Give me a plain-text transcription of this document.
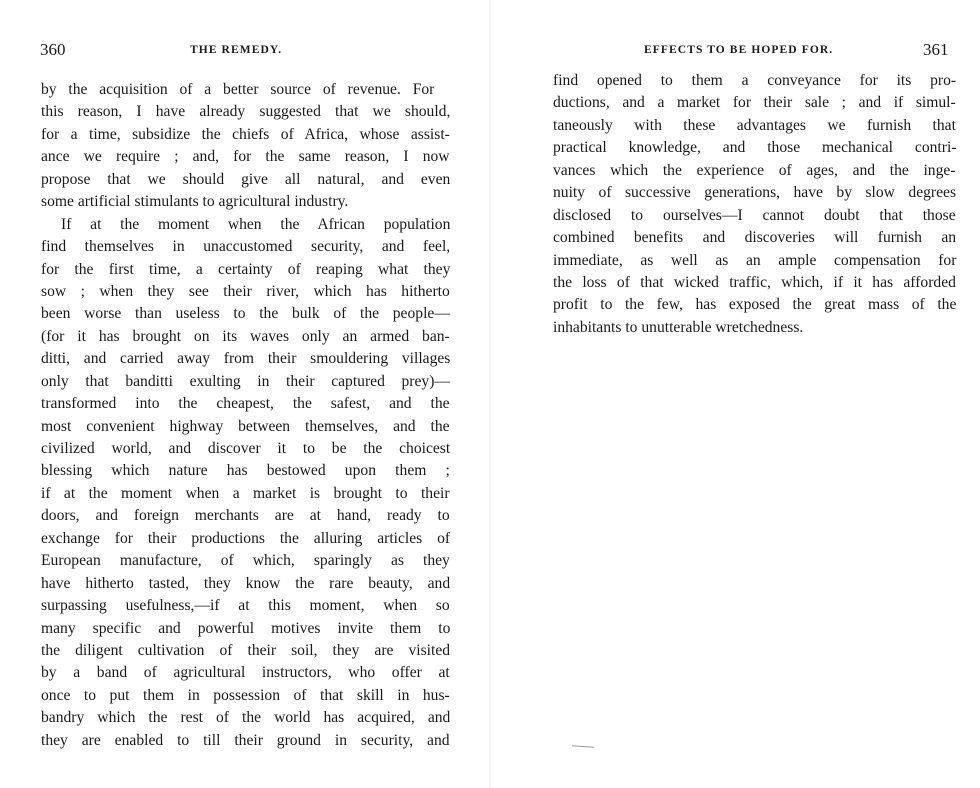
360	THE REMEDY.
by the acquisition of a better source of revenue. For
this reason, I have already suggested that we should,
for a time, subsidize the chiefs of Africa, whose assist-
ance we require ; and, for the same reason, I now
propose that we should give all natural, and even
some artificial stimulants to agricultural industry.
If at the moment when the African population
find themselves in unaccustomed security, and feel,
for the first time, a certainty of reaping what they
sow ; when they see their river, which has hitherto
been worse than useless to the bulk of the people—
(for it has brought on its waves only an armed ban-
ditti, and carried away from their smouldering villages
only that banditti exulting in their captured prey)—
transformed into the cheapest, the safest, and the
most convenient highway between themselves, and the
civilized world, and discover it to be the choicest
blessing which nature has bestowed upon them ;
if at the moment when a market is brought to their
doors, and foreign merchants are at hand, ready to
exchange for their productions the alluring articles of
European manufacture, of which, sparingly as they
have hitherto tasted, they know the rare beauty, and
surpassing usefulness,—if at this moment, when so
many specific and powerful motives invite them to
the diligent cultivation of their soil, they are visited
by a band of agricultural instructors, who offer at
once to put them in possession of that skill in hus-
bandry which the rest of the world has acquired, and
they are enabled to till their ground in security, and
EFFECTS TO BE HOPED FOR.	361
find opened to them a conveyance for its pro-
ductions, and a market for their sale ; and if simul-
taneously with these advantages we furnish that
practical knowledge, and those mechanical contri-
vances which the experience of ages, and the inge-
nuity of successive generations, have by slow degrees
disclosed to ourselves—I cannot doubt that those
combined benefits and discoveries will furnish an
immediate, as well as an ample compensation for
the loss of that wicked traffic, which, if it has afforded
profit to the few, has exposed the great mass of the
inhabitants to unutterable wretchedness.
